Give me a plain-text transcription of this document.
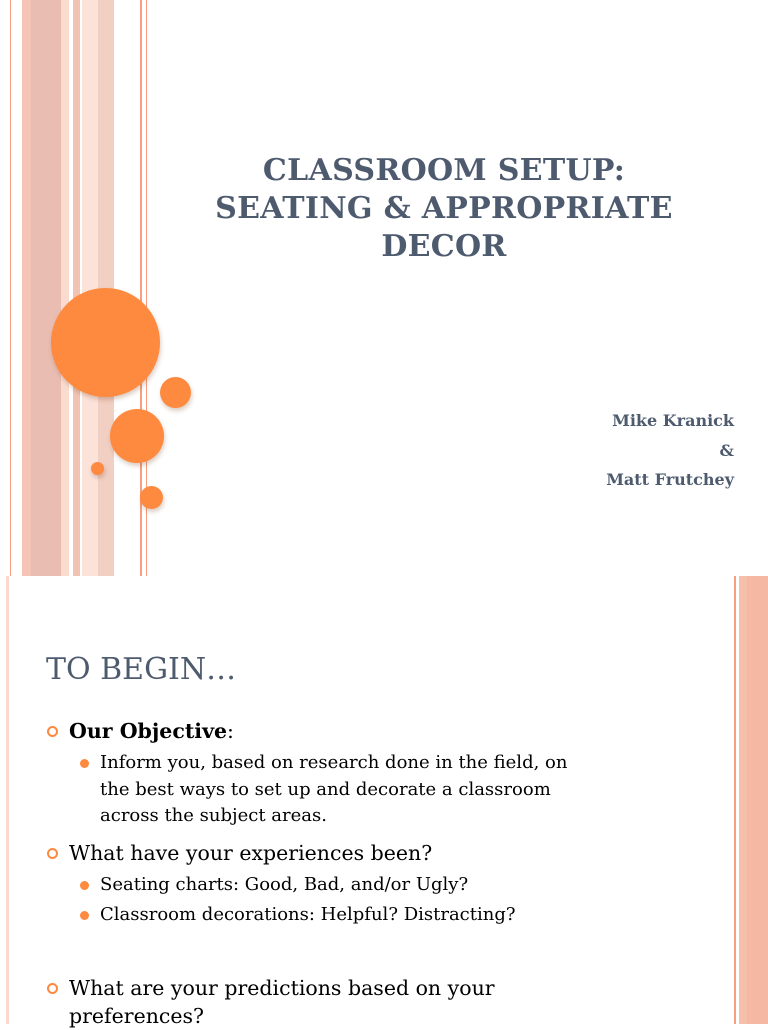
CLASSROOM SETUP:
SEATING & APPROPRIATE
DECOR
Mike Kranick
&
Matt Frutchey
TO BEGIN…
Our Objective:
Inform you, based on research done in the field, on
the best ways to set up and decorate a classroom
across the subject areas.
What have your experiences been?
Seating charts: Good, Bad, and/or Ugly?
Classroom decorations: Helpful? Distracting?
What are your predictions based on your
preferences?
